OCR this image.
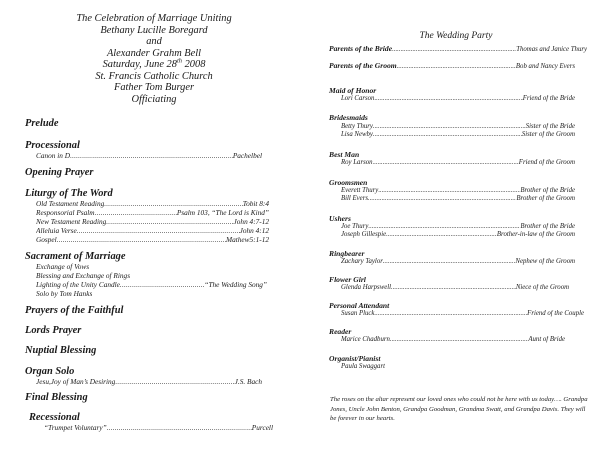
The Celebration of Marriage Uniting
Bethany Lucille Boregard
and
Alexander Grahm Bell
Saturday, June 28th 2008
St. Francis Catholic Church
Father Tom Burger
Officiating
Prelude
Processional
Canon in D .....	Pachelbel
Opening Prayer
Liturgy of The Word
Old Testament Reading .....	Tobit 8:4
Responsorial Psalm .....	Psalm 103, “The Lord is Kind”
New Testament Reading .....	John 4:7-12
Alleluia Verse .....	John 4:12
Gospel .....	Mathew5:1-12
Sacrament of Marriage
Exchange of Vows
Blessing and Exchange of Rings
Lighting of the Unity Candle .....	“The Wedding Song”
Solo by Tom Hanks
Prayers of the Faithful
Lords Prayer
Nuptial Blessing
Organ Solo
Jesu,Joy of Man’s Desiring .....	J.S. Bach
Final Blessing
Recessional
“Trumpet Voluntary” .....	Purcell
The Wedding Party
Parents of the Bride .....	Thomas and Janice Thury
Parents of the Groom .....	Bob and Nancy Evers
Maid of Honor
Lori Carson .....	Friend of the Bride
Bridesmaids
Betty Thury .....	Sister of the Bride
Lisa Newby .....	Sister of the Groom
Best Man
Roy Larson .....	Friend of the Groom
Groomsmen
Everett Thury .....	Brother of the Bride
Bill Evers .....	Brother of the Groom
Ushers
Joe Thury .....	Brother of the Bride
Joseph Gillespie .....	Brother-in-law of the Groom
Ringbearer
Zachary Taylor .....	Nephew of the Groom
Flower Girl
Glenda Harpswell .....	Niece of the Groom
Personal Attendant
Susan Pluck .....	Friend of the Couple
Reader
Marice Chadburn .....	Aunt of Bride
Organist/Pianist
Paula Swaggart
The roses on the altar represent our loved ones who could not be here with us today…. Grandpa Jones, Uncle John Benton, Grandpa Goodman, Grandma Swatt, and Grandpa Davis. They will be forever in our hearts.
